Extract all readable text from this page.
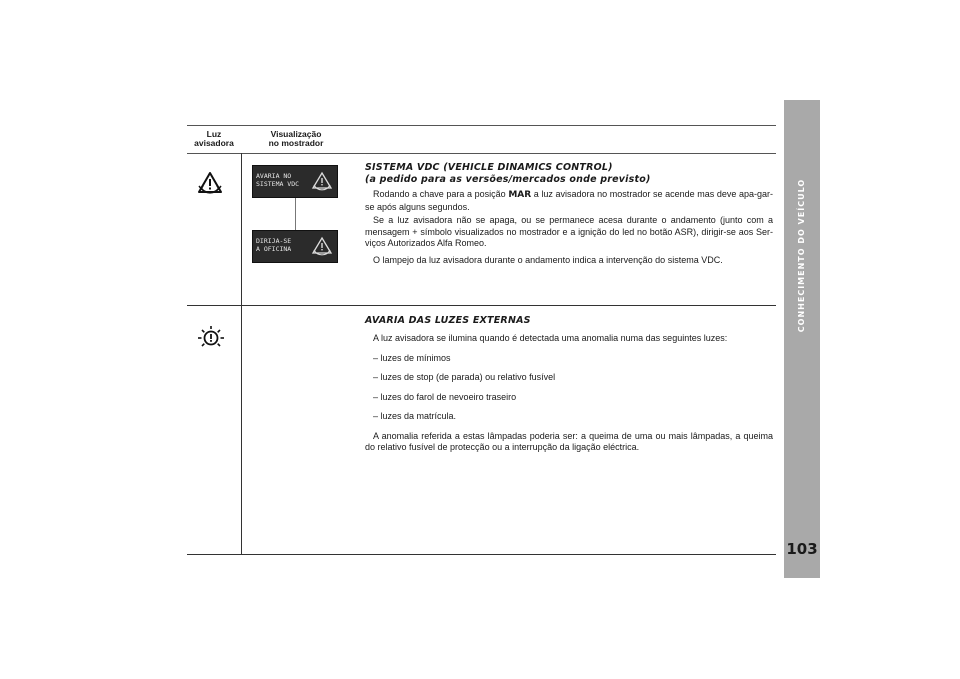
Luz
avisadora
Visualização
no mostrador
AVARIA NO
SISTEMA VDC
DIRIJA-SE
A OFICINA
SISTEMA VDC (VEHICLE DINAMICS CONTROL)
(a pedido para as versões/mercados onde previsto)

Rodando a chave para a posição MAR a luz avisadora no mostrador se acende mas deve apa-gar-se após alguns segundos.

Se a luz avisadora não se apaga, ou se permanece acesa durante o andamento (junto com a mensagem + símbolo visualizados no mostrador e a ignição do led no botão ASR), dirigir-se aos Ser-viços Autorizados Alfa Romeo.

O lampejo da luz avisadora durante o andamento indica a intervenção do sistema VDC.

AVARIA DAS LUZES EXTERNAS

A luz avisadora se ilumina quando é detectada uma anomalia numa das seguintes luzes:

– luzes de mínimos

– luzes de stop (de parada) ou relativo fusível

– luzes do farol de nevoeiro traseiro

– luzes da matrícula.

A anomalia referida a estas lâmpadas poderia ser: a queima de uma ou mais lâmpadas, a queima do relativo fusível de protecção ou a interrupção da ligação eléctrica.

CONHECIMENTO DO VEÍCULO
103
